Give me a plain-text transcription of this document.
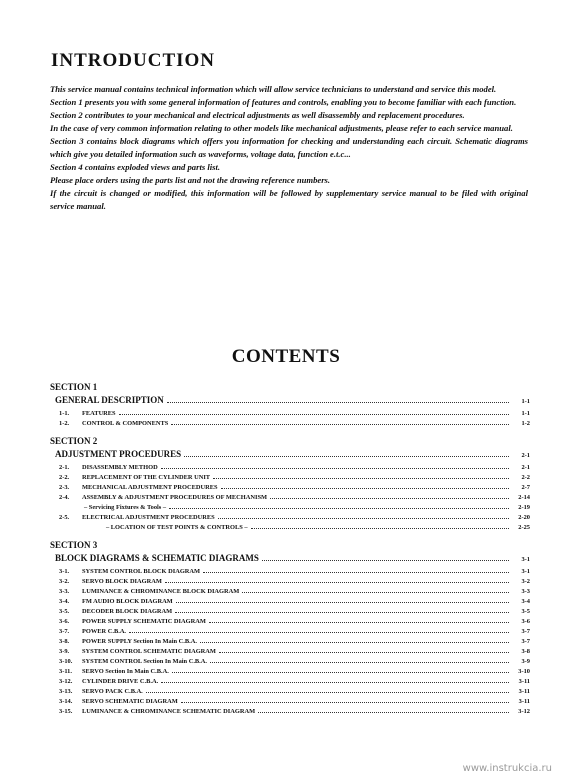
INTRODUCTION

This service manual contains technical information which will allow service technicians to understand and service this model.

Section 1 presents you with some general information of features and controls, enabling you to become familiar with each function.

Section 2 contributes to your mechanical and electrical adjustments as well disassembly and replacement procedures.

In the case of very common information relating to other models like mechanical adjustments, please refer to each service manual.

Section 3 contains block diagrams which offers you information for checking and understanding each circuit. Schematic diagrams which give you detailed information such as waveforms, voltage data, function e.t.c...

Section 4 contains exploded views and parts list.

Please place orders using the parts list and not the drawing reference numbers.

If the circuit is changed or modified, this information will be followed by supplementary service manual to be filed with original service manual.

CONTENTS
SECTION 1
GENERAL DESCRIPTION	1-1
1-1.	FEATURES	1-1
1-2.	CONTROL & COMPONENTS	1-2
SECTION 2
ADJUSTMENT PROCEDURES	2-1
2-1.	DISASSEMBLY METHOD	2-1
2-2.	REPLACEMENT OF THE CYLINDER UNIT	2-2
2-3.	MECHANICAL ADJUSTMENT PROCEDURES	2-7
2-4.	ASSEMBLY & ADJUSTMENT PROCEDURES OF MECHANISM	2-14
– Servicing Fixtures & Tools –	2-19
2-5.	ELECTRICAL ADJUSTMENT PROCEDURES	2-20
– LOCATION OF TEST POINTS & CONTROLS –	2-25
SECTION 3
BLOCK DIAGRAMS & SCHEMATIC DIAGRAMS	3-1
3-1.	SYSTEM CONTROL BLOCK DIAGRAM	3-1
3-2.	SERVO BLOCK DIAGRAM	3-2
3-3.	LUMINANCE & CHROMINANCE BLOCK DIAGRAM	3-3
3-4.	FM AUDIO BLOCK DIAGRAM	3-4
3-5.	DECODER BLOCK DIAGRAM	3-5
3-6.	POWER SUPPLY SCHEMATIC DIAGRAM	3-6
3-7.	POWER C.B.A.	3-7
3-8.	POWER SUPPLY Section In Main C.B.A.	3-7
3-9.	SYSTEM CONTROL SCHEMATIC DIAGRAM	3-8
3-10.	SYSTEM CONTROL Section In Main C.B.A.	3-9
3-11.	SERVO Section In Main C.B.A.	3-10
3-12.	CYLINDER DRIVE C.B.A.	3-11
3-13.	SERVO PACK C.B.A.	3-11
3-14.	SERVO SCHEMATIC DIAGRAM	3-11
3-15.	LUMINANCE & CHROMINANCE SCHEMATIC DIAGRAM	3-12
www.instrukcia.ru
